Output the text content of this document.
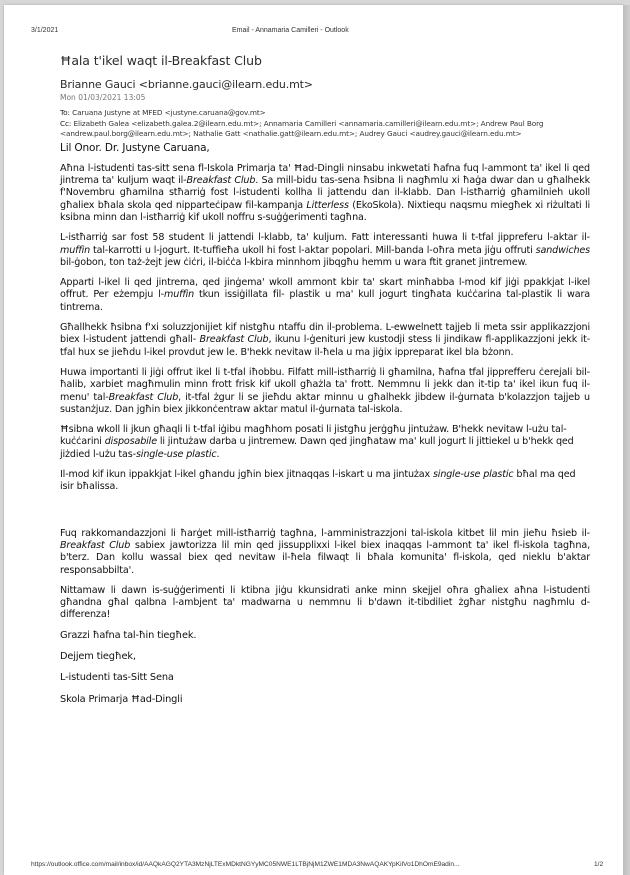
3/1/2021	Email - Annamaria Camilleri - Outlook
Ħala t'ikel waqt il-Breakfast Club
Brianne Gauci <brianne.gauci@ilearn.edu.mt>
Mon 01/03/2021 13:05
To: Caruana Justyne at MFED <justyne.caruana@gov.mt>
Cc: Elizabeth Galea <elizabeth.galea.2@ilearn.edu.mt>; Annamaria Camilleri <annamaria.camilleri@ilearn.edu.mt>; Andrew Paul Borg <andrew.paul.borg@ilearn.edu.mt>; Nathalie Gatt <nathalie.gatt@ilearn.edu.mt>; Audrey Gauci <audrey.gauci@ilearn.edu.mt>
Lil Onor. Dr. Justyne Caruana,

Aħna l-istudenti tas-sitt sena fl-Iskola Primarja ta' Ħad-Dingli ninsabu inkwetati ħafna fuq l-ammont ta' ikel li qed jintrema ta' kuljum waqt il-Breakfast Club. Sa mill-bidu tas-sena ħsibna li nagħmlu xi ħaġa dwar dan u għalhekk f'Novembru għamilna stħarriġ fost l-istudenti kollha li jattendu dan il-klabb. Dan l-istħarriġ għamilnieh ukoll għaliex bħala skola qed nipparteċipaw fil-kampanja Litterless (EkoSkola). Nixtiequ naqsmu miegħek xi riżultati li ksibna minn dan l-istħarriġ kif ukoll noffru s-suġġerimenti tagħna.

L-istħarriġ sar fost 58 student li jattendi l-klabb, ta' kuljum. Fatt interessanti huwa li t-tfal jippreferu l-aktar il-muffin tal-karrotti u l-jogurt. It-tuffieħa ukoll hi fost l-aktar popolari. Mill-banda l-oħra meta jiġu offruti sandwiches bil-ġobon, ton taż-żejt jew ċiċri, il-biċċa l-kbira minnhom jibqgħu hemm u wara ftit granet jintremew.

Apparti l-ikel li qed jintrema, qed jinġema' wkoll ammont kbir ta' skart minħabba l-mod kif jiġi ppakkjat l-ikel offrut. Per eżempju l-muffin tkun issiġillata fil- plastik u ma' kull jogurt tingħata kuċċarina tal-plastik li wara tintrema.

Għallhekk ħsibna f'xi soluzzjonijiet kif nistgħu ntaffu din il-problema. L-ewwelnett tajjeb li meta ssir applikazzjoni biex l-istudent jattendi għall- Breakfast Club, ikunu l-ġenituri jew kustodji stess li jindikaw fl-applikazzjoni jekk it-tfal hux se jieħdu l-ikel provdut jew le. B'hekk nevitaw il-ħela u ma jiġix ippreparat ikel bla bżonn.

Huwa importanti li jiġi offrut ikel li t-tfal iħobbu. Filfatt mill-istħarriġ li għamilna, ħafna tfal jipprefferu ċerejali bil-ħalib, xarbiet magħmulin minn frott frisk kif ukoll għażla ta' frott. Nemmnu li jekk dan it-tip ta' ikel ikun fuq il-menu' tal-Breakfast Club, it-tfal żgur li se jieħdu aktar minnu u għalhekk jibdew il-ġurnata b'kolazzjon tajjeb u sustanżjuz. Dan jgħin biex jikkonċentraw aktar matul il-ġurnata tal-iskola.

Ħsibna wkoll li jkun għaqli li t-tfal iġibu magħhom posati li jistgħu jerġgħu jintużaw. B'hekk nevitaw l-użu tal-kuċċarini disposabile li jintużaw darba u jintremew. Dawn qed jingħataw ma' kull jogurt li jittiekel u b'hekk qed jiżdied l-użu tas-single-use plastic.

Il-mod kif ikun ippakkjat l-ikel għandu jgħin biex jitnaqqas l-iskart u ma jintużax single-use plastic bħal ma qed isir bħalissa.

Fuq rakkomandazzjoni li ħarġet mill-istħarriġ tagħna, l-amministrazzjoni tal-iskola kitbet lil min jieħu ħsieb il-Breakfast Club sabiex jawtorizza lil min qed jissupplixxi l-ikel biex inaqqas l-ammont ta' ikel fl-iskola tagħna, b'terz. Dan kollu wassal biex qed nevitaw il-ħela filwaqt li bħala komunita' fl-iskola, qed nieklu b'aktar responsabbilta'.

Nittamaw li dawn is-suġġerimenti li ktibna jiġu kkunsidrati anke minn skejjel oħra għaliex aħna l-istudenti għandna għal qalbna l-ambjent ta' madwarna u nemmnu li b'dawn it-tibdiliet żgħar nistgħu nagħmlu d-differenza!

Grazzi ħafna tal-ħin tiegħek.
Dejjem tiegħek,
L-istudenti tas-Sitt Sena
Skola Primarja Ħad-Dingli
https://outlook.office.com/mail/inbox/id/AAQkAGQ2YTA3MzNjLTExMDktNGYyMC05NWE1LTBjNjM1ZWE1MDA3NwAQAKYpKilVo1DhOmE9adin...	1/2
